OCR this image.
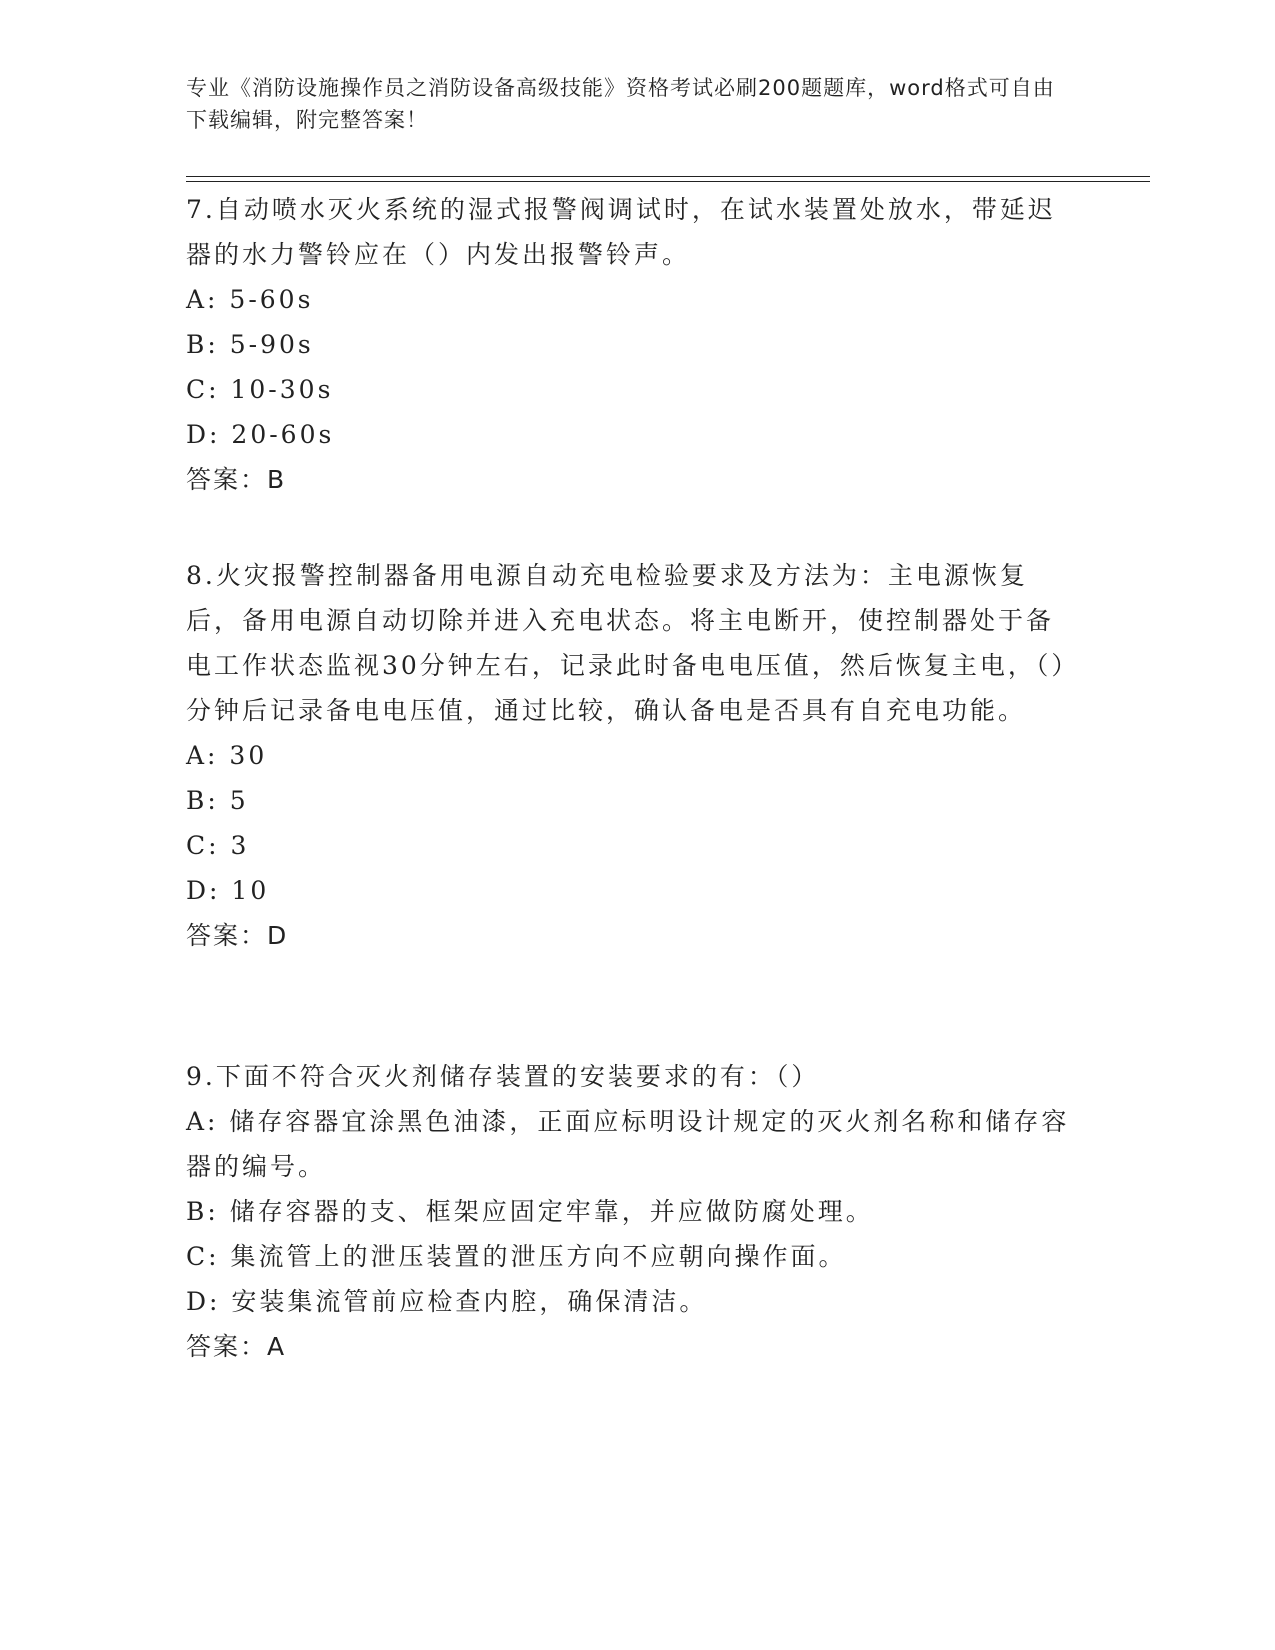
专业《消防设施操作员之消防设备高级技能》资格考试必刷200题题库，word格式可自由下载编辑，附完整答案！
7.自动喷水灭火系统的湿式报警阀调试时，在试水装置处放水，带延迟器的水力警铃应在（）内发出报警铃声。
A: 5-60s
B: 5-90s
C: 10-30s
D: 20-60s
答案：B
8.火灾报警控制器备用电源自动充电检验要求及方法为：主电源恢复后，备用电源自动切除并进入充电状态。将主电断开，使控制器处于备电工作状态监视30分钟左右，记录此时备电电压值，然后恢复主电，（）分钟后记录备电电压值，通过比较，确认备电是否具有自充电功能。
A: 30
B: 5
C: 3
D: 10
答案：D
9.下面不符合灭火剂储存装置的安装要求的有：（）
A: 储存容器宜涂黑色油漆，正面应标明设计规定的灭火剂名称和储存容器的编号。
B: 储存容器的支、框架应固定牢靠，并应做防腐处理。
C: 集流管上的泄压装置的泄压方向不应朝向操作面。
D: 安装集流管前应检查内腔，确保清洁。
答案：A
